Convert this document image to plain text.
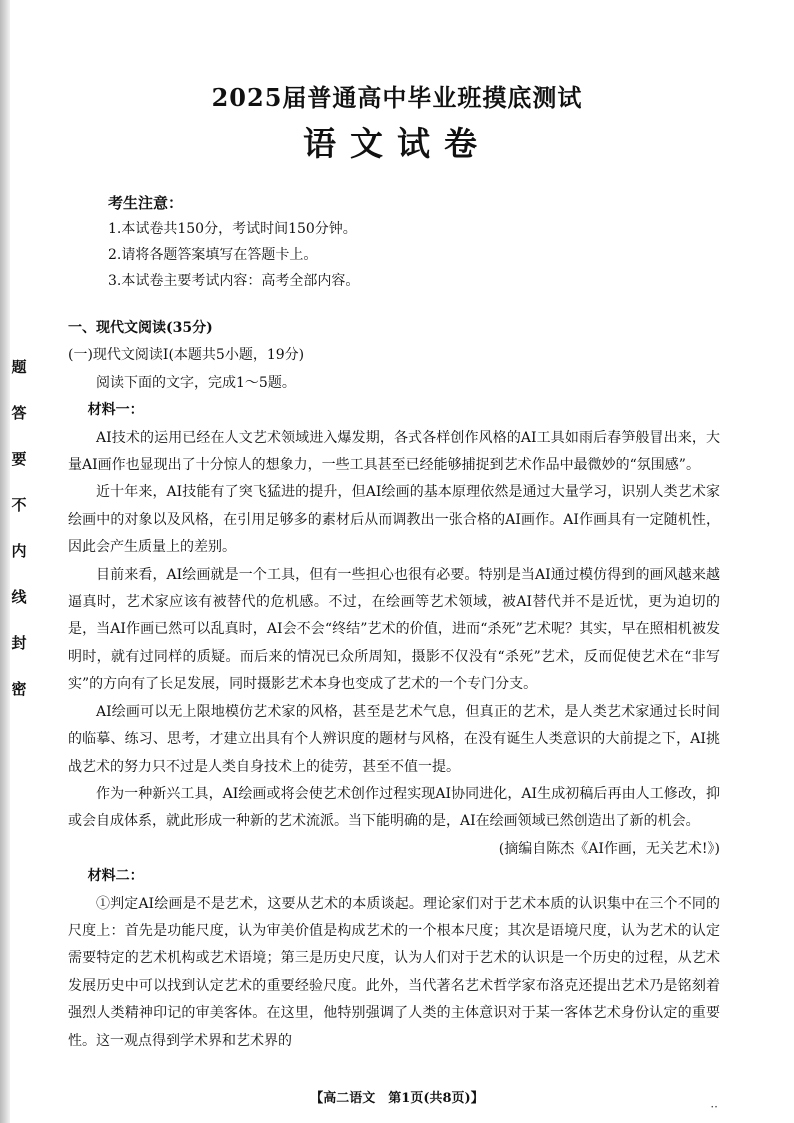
题
答
要
不
内
线
封
密
2025届普通高中毕业班摸底测试
语文试卷
考生注意：
1.本试卷共150分，考试时间150分钟。
2.请将各题答案填写在答题卡上。
3.本试卷主要考试内容：高考全部内容。
一、现代文阅读(35分)
(一)现代文阅读Ⅰ(本题共5小题，19分)
阅读下面的文字，完成1～5题。
材料一：

AI技术的运用已经在人文艺术领域进入爆发期，各式各样创作风格的AI工具如雨后春笋般冒出来，大量AI画作也显现出了十分惊人的想象力，一些工具甚至已经能够捕捉到艺术作品中最微妙的“氛围感”。

近十年来，AI技能有了突飞猛进的提升，但AI绘画的基本原理依然是通过大量学习，识别人类艺术家绘画中的对象以及风格，在引用足够多的素材后从而调教出一张合格的AI画作。AI作画具有一定随机性，因此会产生质量上的差别。

目前来看，AI绘画就是一个工具，但有一些担心也很有必要。特别是当AI通过模仿得到的画风越来越逼真时，艺术家应该有被替代的危机感。不过，在绘画等艺术领域，被AI替代并不是近忧，更为迫切的是，当AI作画已然可以乱真时，AI会不会“终结”艺术的价值，进而“杀死”艺术呢？其实，早在照相机被发明时，就有过同样的质疑。而后来的情况已众所周知，摄影不仅没有“杀死”艺术，反而促使艺术在“非写实”的方向有了长足发展，同时摄影艺术本身也变成了艺术的一个专门分支。

AI绘画可以无上限地模仿艺术家的风格，甚至是艺术气息，但真正的艺术，是人类艺术家通过长时间的临摹、练习、思考，才建立出具有个人辨识度的题材与风格，在没有诞生人类意识的大前提之下，AI挑战艺术的努力只不过是人类自身技术上的徒劳，甚至不值一提。

作为一种新兴工具，AI绘画或将会使艺术创作过程实现AI协同进化，AI生成初稿后再由人工修改，抑或会自成体系，就此形成一种新的艺术流派。当下能明确的是，AI在绘画领域已然创造出了新的机会。

(摘编自陈杰《AI作画，无关艺术!》)
材料二：

①判定AI绘画是不是艺术，这要从艺术的本质谈起。理论家们对于艺术本质的认识集中在三个不同的尺度上：首先是功能尺度，认为审美价值是构成艺术的一个根本尺度；其次是语境尺度，认为艺术的认定需要特定的艺术机构或艺术语境；第三是历史尺度，认为人们对于艺术的认识是一个历史的过程，从艺术发展历史中可以找到认定艺术的重要经验尺度。此外，当代著名艺术哲学家布洛克还提出艺术乃是铭刻着强烈人类精神印记的审美客体。在这里，他特别强调了人类的主体意识对于某一客体艺术身份认定的重要性。这一观点得到学术界和艺术界的

【高二语文　第1页(共8页)】
··
